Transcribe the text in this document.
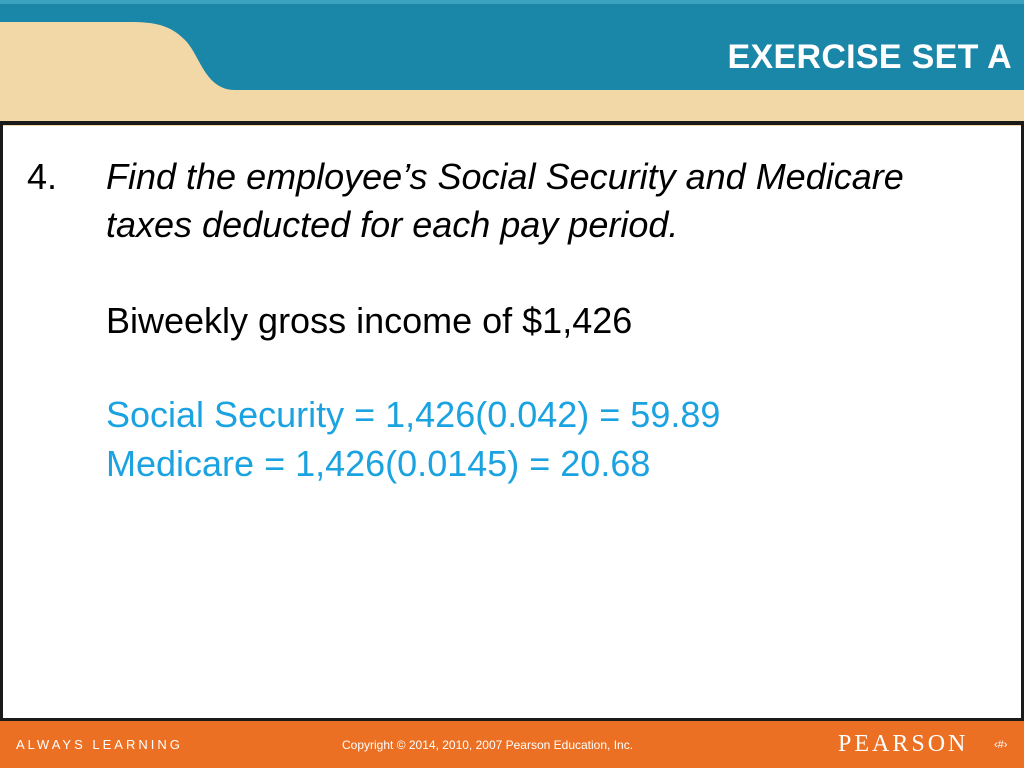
EXERCISE SET A
4. Find the employee’s Social Security and Medicare
taxes deducted for each pay period.
Biweekly gross income of $1,426
Social Security = 1,426(0.042) = 59.89
Medicare = 1,426(0.0145) = 20.68
ALWAYS LEARNING	Copyright © 2014, 2010, 2007 Pearson Education, Inc.	PEARSON ‹#›
